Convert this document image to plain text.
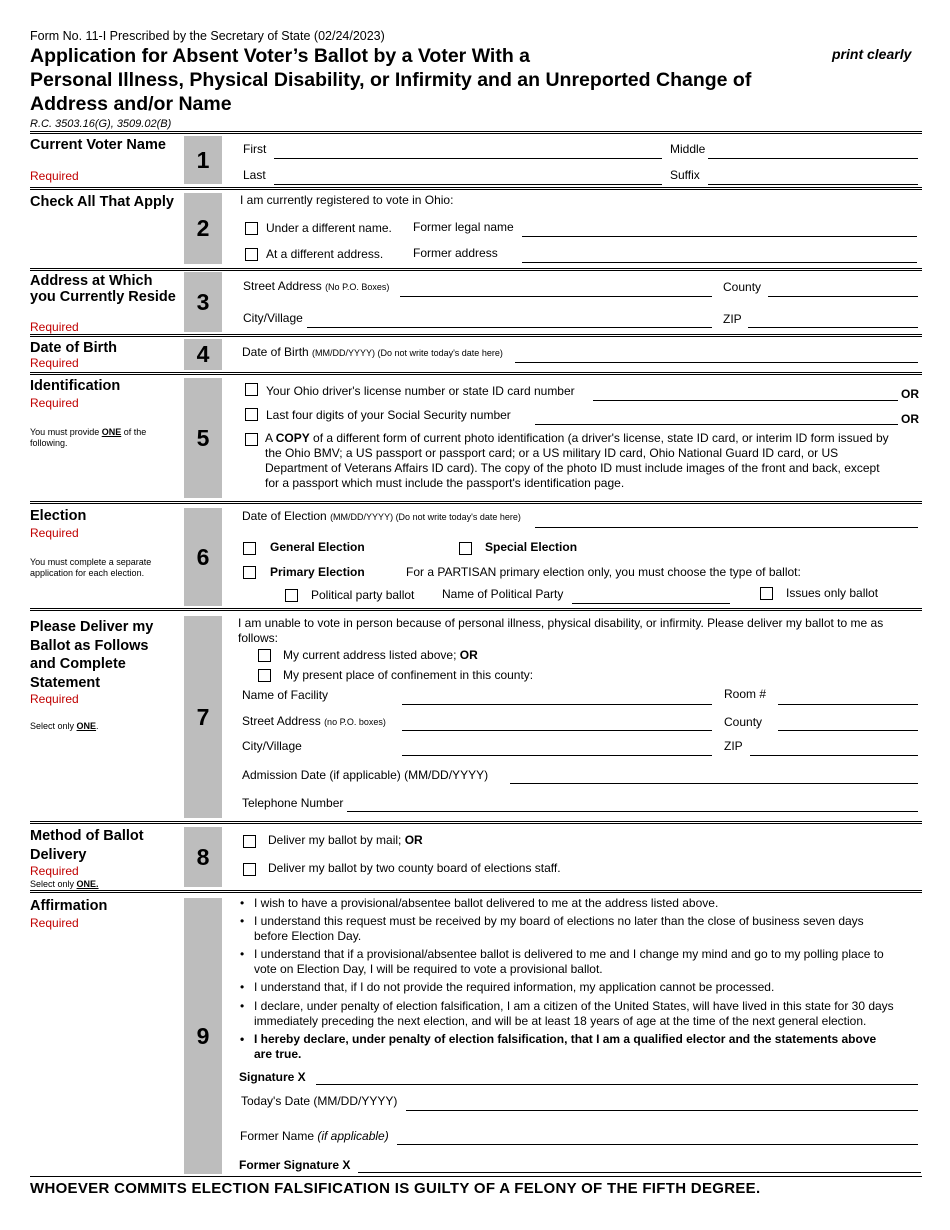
Form No. 11-I Prescribed by the Secretary of State (02/24/2023)
print clearly
Application for Absent Voter’s Ballot by a Voter With a
Personal Illness, Physical Disability, or Infirmity and an Unreported Change of
Address and/or Name
R.C. 3503.16(G), 3509.02(B)
Current Voter Name
Required
1	First	Middle
Last	Suffix
Check All That Apply
2
I am currently registered to vote in Ohio:
Under a different name. Former legal name
At a different address. Former address
Address at Which you Currently Reside
Required
3
Street Address (No P.O. Boxes)	County
City/Village	ZIP
Date of Birth
Required	4	Date of Birth (MM/DD/YYYY) (Do not write today's date here)
Identification
Required
You must provide ONE of the following.	5
Your Ohio driver's license number or state ID card number	OR
Last four digits of your Social Security number	OR
A COPY of a different form of current photo identification (a driver's license, state ID card, or interim ID form issued by
the Ohio BMV; a US passport or passport card; or a US military ID card, Ohio National Guard ID card, or US
Department of Veterans Affairs ID card). The copy of the photo ID must include images of the front and back, except
for a passport which must include the passport's identification page.
Election
Required
You must complete a separate application for each election.
6
Date of Election (MM/DD/YYYY) (Do not write today's date here)
General Election	Special Election
Primary Election	For a PARTISAN primary election only, you must choose the type of ballot:
Political party ballot Name of Political Party	Issues only ballot
Please Deliver my Ballot as Follows and Complete Statement
Required
Select only ONE.	7
I am unable to vote in person because of personal illness, physical disability, or infirmity. Please deliver my ballot to me as
follows:
My current address listed above; OR
My present place of confinement in this county:
Name of Facility	Room #
Street Address (no P.O. boxes)	County
City/Village	ZIP
Admission Date (if applicable) (MM/DD/YYYY)
Telephone Number
Method of Ballot Delivery
Required
Select only ONE.
8
Deliver my ballot by mail; OR
Deliver my ballot by two county board of elections staff.
Affirmation
Required
9
• I wish to have a provisional/absentee ballot delivered to me at the address listed above.
• I understand this request must be received by my board of elections no later than the close of business seven days
before Election Day.
• I understand that if a provisional/absentee ballot is delivered to me and I change my mind and go to my polling place to
vote on Election Day, I will be required to vote a provisional ballot.
• I understand that, if I do not provide the required information, my application cannot be processed.
• I declare, under penalty of election falsification, I am a citizen of the United States, will have lived in this state for 30 days
immediately preceding the next election, and will be at least 18 years of age at the time of the next general election.
• I hereby declare, under penalty of election falsification, that I am a qualified elector and the statements above
are true.
Signature X
Today's Date (MM/DD/YYYY)
Former Name (if applicable)
Former Signature X
WHOEVER COMMITS ELECTION FALSIFICATION IS GUILTY OF A FELONY OF THE FIFTH DEGREE.
